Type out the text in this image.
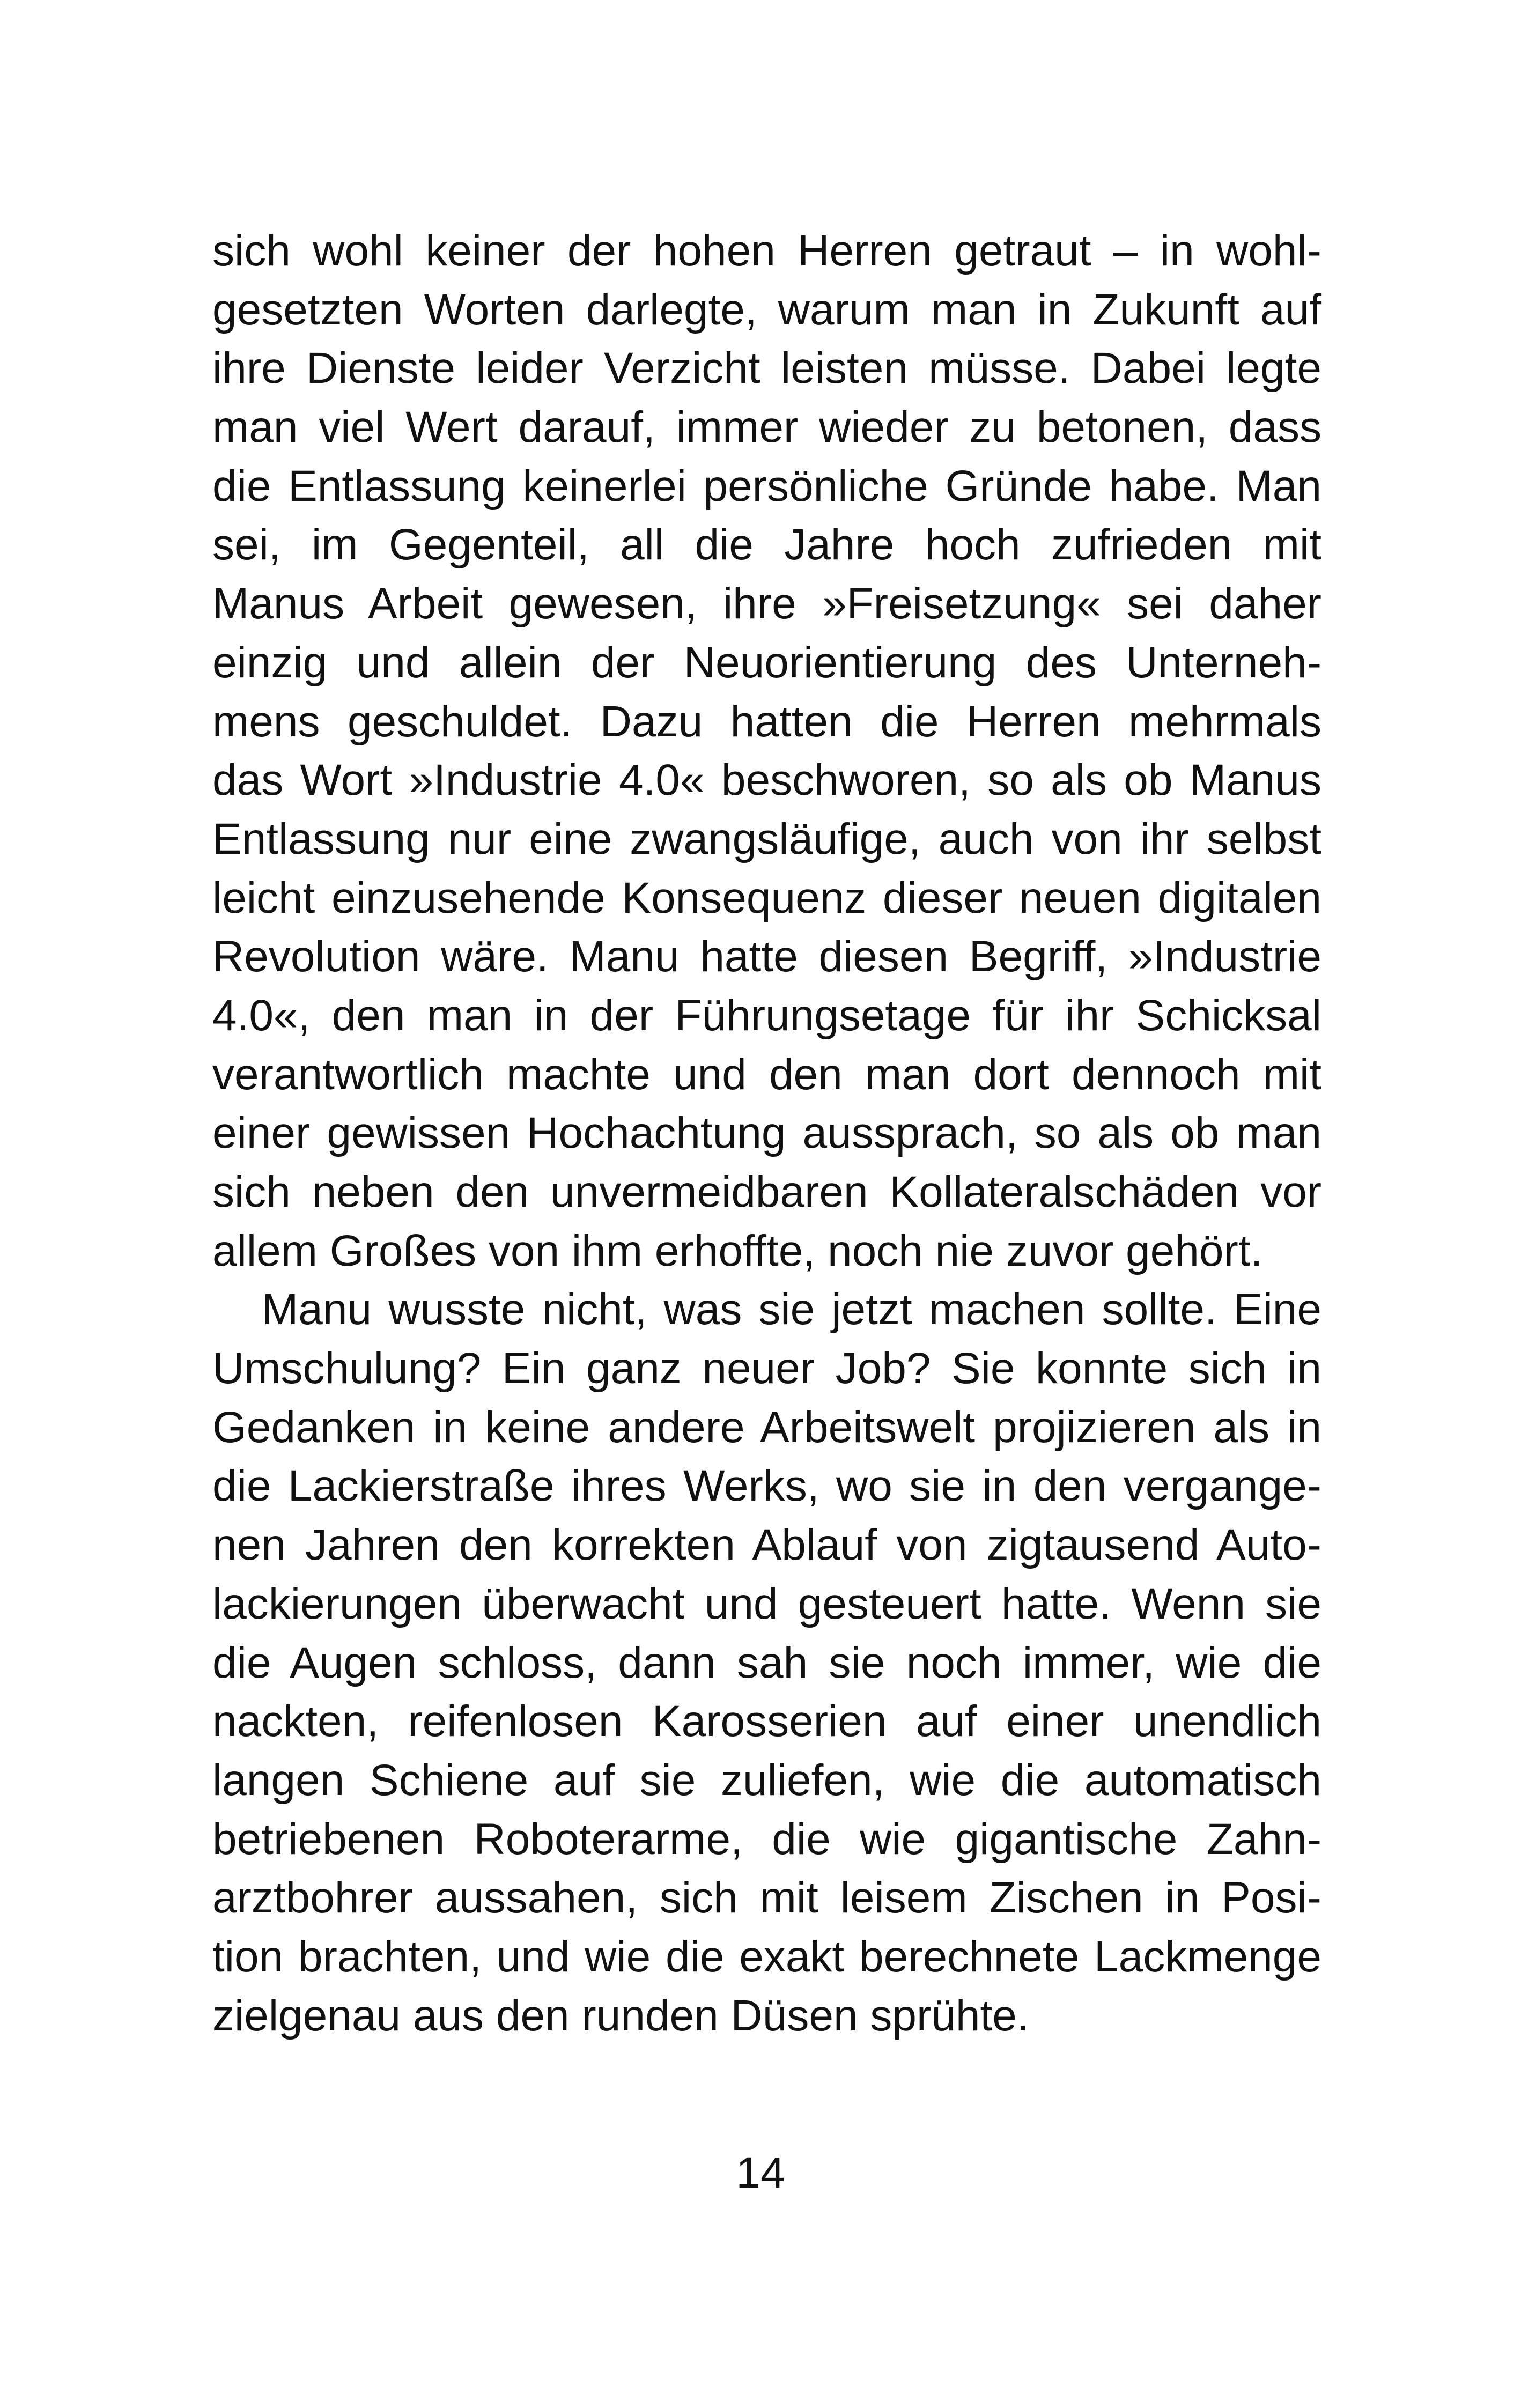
sich wohl keiner der hohen Herren getraut – in wohl-
gesetzten Worten darlegte, warum man in Zukunft auf
ihre Dienste leider Verzicht leisten müsse. Dabei legte
man viel Wert darauf, immer wieder zu betonen, dass
die Entlassung keinerlei persönliche Gründe habe. Man
sei, im Gegenteil, all die Jahre hoch zufrieden mit
Manus Arbeit gewesen, ihre »Freisetzung« sei daher
einzig und allein der Neuorientierung des Unterneh-
mens geschuldet. Dazu hatten die Herren mehrmals
das Wort »Industrie 4.0« beschworen, so als ob Manus
Entlassung nur eine zwangsläufige, auch von ihr selbst
leicht einzusehende Konsequenz dieser neuen digitalen
Revolution wäre. Manu hatte diesen Begriff, »Industrie
4.0«, den man in der Führungsetage für ihr Schicksal
verantwortlich machte und den man dort dennoch mit
einer gewissen Hochachtung aussprach, so als ob man
sich neben den unvermeidbaren Kollateralschäden vor
allem Großes von ihm erhoffte, noch nie zuvor gehört.
Manu wusste nicht, was sie jetzt machen sollte. Eine
Umschulung? Ein ganz neuer Job? Sie konnte sich in
Gedanken in keine andere Arbeitswelt projizieren als in
die Lackierstraße ihres Werks, wo sie in den vergange-
nen Jahren den korrekten Ablauf von zigtausend Auto-
lackierungen überwacht und gesteuert hatte. Wenn sie
die Augen schloss, dann sah sie noch immer, wie die
nackten, reifenlosen Karosserien auf einer unendlich
langen Schiene auf sie zuliefen, wie die automatisch
betriebenen Roboterarme, die wie gigantische Zahn-
arztbohrer aussahen, sich mit leisem Zischen in Posi-
tion brachten, und wie die exakt berechnete Lackmenge
zielgenau aus den runden Düsen sprühte.
14
